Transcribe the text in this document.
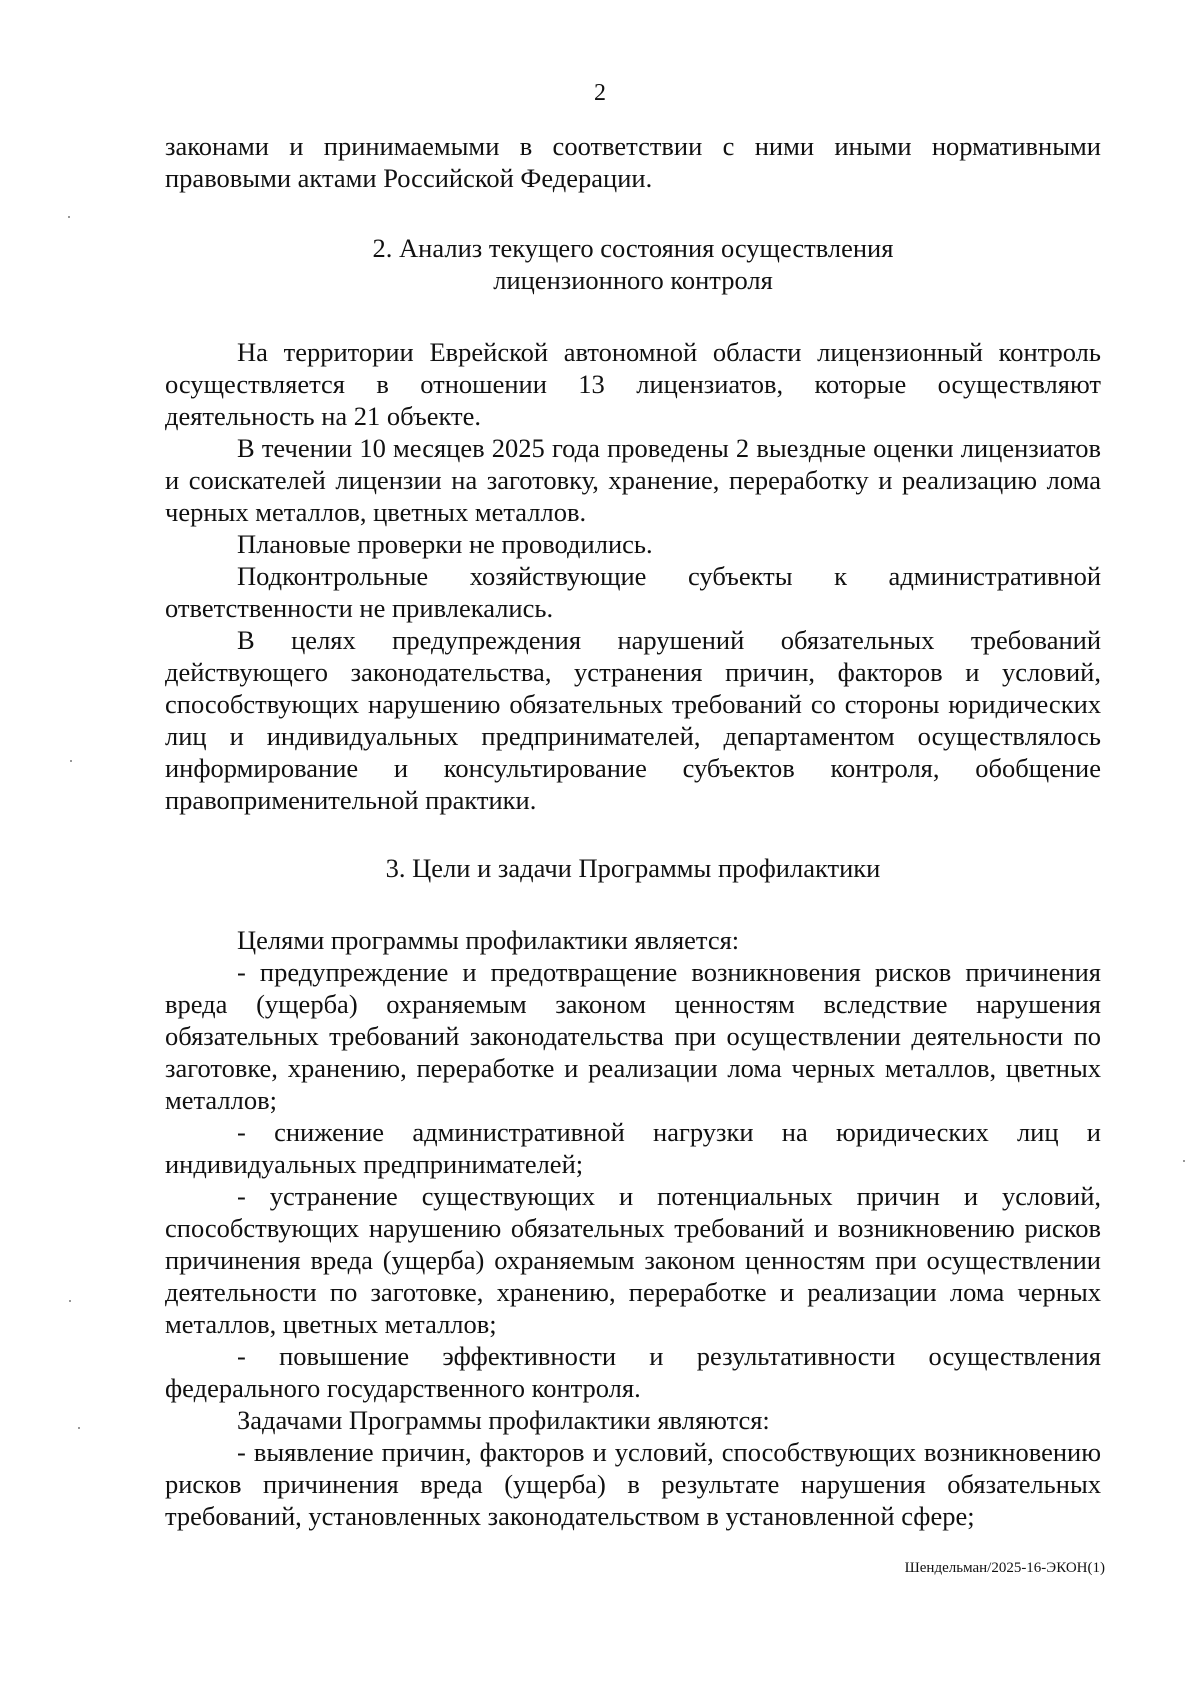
2

законами и принимаемыми в соответствии с ними иными нормативными правовыми актами Российской Федерации.

2. Анализ текущего состояния осуществления
лицензионного контроля

На территории Еврейской автономной области лицензионный контроль осуществляется в отношении 13 лицензиатов, которые осуществляют деятельность на 21 объекте.

В течении 10 месяцев 2025 года проведены 2 выездные оценки лицензиатов и соискателей лицензии на заготовку, хранение, переработку и реализацию лома черных металлов, цветных металлов.

Плановые проверки не проводились.

Подконтрольные хозяйствующие субъекты к административной ответственности не привлекались.

В целях предупреждения нарушений обязательных требований действующего законодательства, устранения причин, факторов и условий, способствующих нарушению обязательных требований со стороны юридических лиц и индивидуальных предпринимателей, департаментом осуществлялось информирование и консультирование субъектов контроля, обобщение правоприменительной практики.

3. Цели и задачи Программы профилактики

Целями программы профилактики является:

- предупреждение и предотвращение возникновения рисков причинения вреда (ущерба) охраняемым законом ценностям вследствие нарушения обязательных требований законодательства при осуществлении деятельности по заготовке, хранению, переработке и реализации лома черных металлов, цветных металлов;

- снижение административной нагрузки на юридических лиц и индивидуальных предпринимателей;

- устранение существующих и потенциальных причин и условий, способствующих нарушению обязательных требований и возникновению рисков причинения вреда (ущерба) охраняемым законом ценностям при осуществлении деятельности по заготовке, хранению, переработке и реализации лома черных металлов, цветных металлов;

- повышение эффективности и результативности осуществления федерального государственного контроля.

Задачами Программы профилактики являются:

- выявление причин, факторов и условий, способствующих возникновению рисков причинения вреда (ущерба) в результате нарушения обязательных требований, установленных законодательством в установленной сфере;

Шендельман/2025-16-ЭКОН(1)
